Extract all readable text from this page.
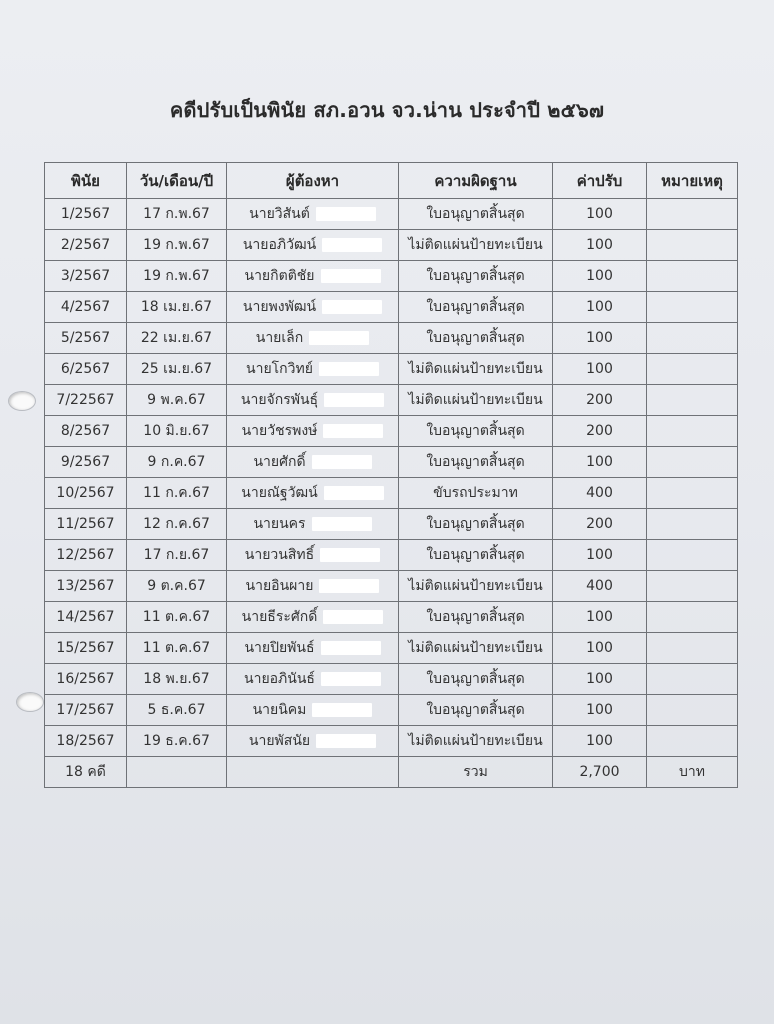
คดีปรับเป็นพินัย สภ.อวน จว.น่าน ประจำปี ๒๕๖๗
พินัย	วัน/เดือน/ปี	ผู้ต้องหา	ความผิดฐาน	ค่าปรับ	หมายเหตุ
1/2567	17 ก.พ.67	นายวิสันต์	ใบอนุญาตสิ้นสุด	100	
2/2567	19 ก.พ.67	นายอภิวัฒน์	ไม่ติดแผ่นป้ายทะเบียน	100	
3/2567	19 ก.พ.67	นายกิตติชัย	ใบอนุญาตสิ้นสุด	100	
4/2567	18 เม.ย.67	นายพงพัฒน์	ใบอนุญาตสิ้นสุด	100	
5/2567	22 เม.ย.67	นายเล็ก	ใบอนุญาตสิ้นสุด	100	
6/2567	25 เม.ย.67	นายโกวิทย์	ไม่ติดแผ่นป้ายทะเบียน	100	
7/22567	9 พ.ค.67	นายจักรพันธุ์	ไม่ติดแผ่นป้ายทะเบียน	200	
8/2567	10 มิ.ย.67	นายวัชรพงษ์	ใบอนุญาตสิ้นสุด	200	
9/2567	9 ก.ค.67	นายศักดิ์	ใบอนุญาตสิ้นสุด	100	
10/2567	11 ก.ค.67	นายณัฐวัฒน์	ขับรถประมาท	400	
11/2567	12 ก.ค.67	นายนคร	ใบอนุญาตสิ้นสุด	200	
12/2567	17 ก.ย.67	นายวนสิทธิ์	ใบอนุญาตสิ้นสุด	100	
13/2567	9 ต.ค.67	นายอินผาย	ไม่ติดแผ่นป้ายทะเบียน	400	
14/2567	11 ต.ค.67	นายธีระศักดิ์	ใบอนุญาตสิ้นสุด	100	
15/2567	11 ต.ค.67	นายปิยพันธ์	ไม่ติดแผ่นป้ายทะเบียน	100	
16/2567	18 พ.ย.67	นายอภินันธ์	ใบอนุญาตสิ้นสุด	100	
17/2567	5 ธ.ค.67	นายนิคม	ใบอนุญาตสิ้นสุด	100	
18/2567	19 ธ.ค.67	นายพัสนัย	ไม่ติดแผ่นป้ายทะเบียน	100	
18 คดี			รวม	2,700	บาท
